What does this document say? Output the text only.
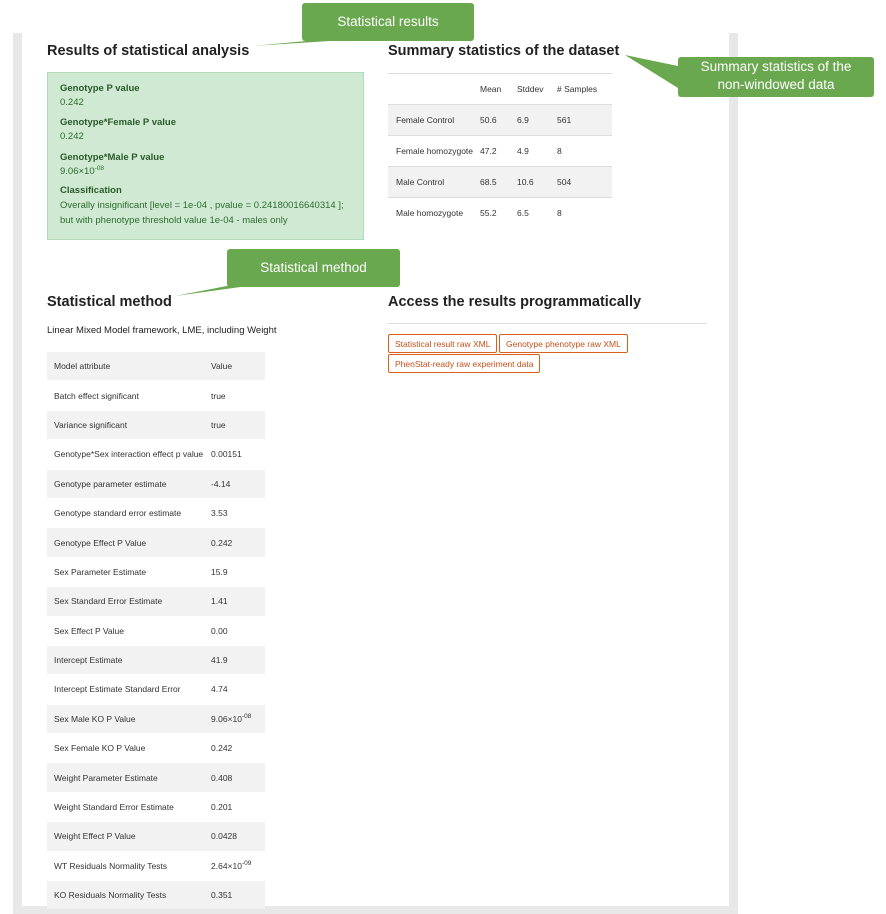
Results of statistical analysis
Genotype P value
0.242
Genotype*Female P value
0.242
Genotype*Male P value
$9.06\times 10^{-08}$
Classification
Overally insignificant [level = 1e-04 , pvalue = 0.24180016640314 ];
but with phenotype threshold value 1e-04 - males only
Summary statistics of the dataset
	Mean	Stddev	# Samples
Female Control	50.6	6.9	561
Female homozygote	47.2	4.9	8
Male Control	68.5	10.6	504
Male homozygote	55.2	6.5	8
Statistical method
Linear Mixed Model framework, LME, including Weight
Model attribute	Value
Batch effect significant	true
Variance significant	true
Genotype*Sex interaction effect p value	0.00151
Genotype parameter estimate	-4.14
Genotype standard error estimate	3.53
Genotype Effect P Value	0.242
Sex Parameter Estimate	15.9
Sex Standard Error Estimate	1.41
Sex Effect P Value	0.00
Intercept Estimate	41.9
Intercept Estimate Standard Error	4.74
Sex Male KO P Value	$9.06\times 10^{-08}$
Sex Female KO P Value	0.242
Weight Parameter Estimate	0.408
Weight Standard Error Estimate	0.201
Weight Effect P Value	0.0428
WT Residuals Normality Tests	$2.64\times 10^{-09}$
KO Residuals Normality Tests	0.351
Access the results programmatically
Statistical result raw XML	Genotype phenotype raw XML
PhenStat-ready raw experiment data
Statistical results
Summary statistics of the
non-windowed data
Statistical method
